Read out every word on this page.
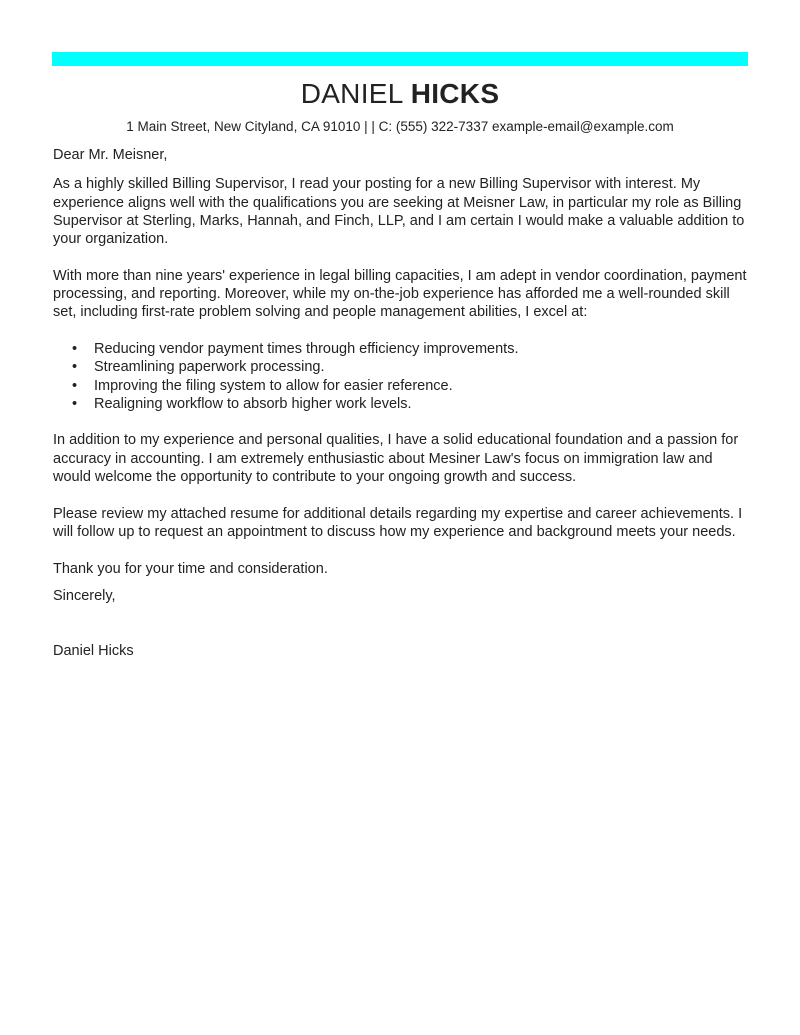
DANIEL HICKS
1 Main Street, New Cityland, CA 91010 | | C: (555) 322-7337 example-email@example.com

Dear Mr. Meisner,

As a highly skilled Billing Supervisor, I read your posting for a new Billing Supervisor with interest. My experience aligns well with the qualifications you are seeking at Meisner Law, in particular my role as Billing Supervisor at Sterling, Marks, Hannah, and Finch, LLP, and I am certain I would make a valuable addition to your organization.

With more than nine years' experience in legal billing capacities, I am adept in vendor coordination, payment processing, and reporting. Moreover, while my on-the-job experience has afforded me a well-rounded skill set, including first-rate problem solving and people management abilities, I excel at:

• Reducing vendor payment times through efficiency improvements.
• Streamlining paperwork processing.
• Improving the filing system to allow for easier reference.
• Realigning workflow to absorb higher work levels.

In addition to my experience and personal qualities, I have a solid educational foundation and a passion for accuracy in accounting. I am extremely enthusiastic about Mesiner Law's focus on immigration law and would welcome the opportunity to contribute to your ongoing growth and success.

Please review my attached resume for additional details regarding my expertise and career achievements. I will follow up to request an appointment to discuss how my experience and background meets your needs.

Thank you for your time and consideration.

Sincerely,

Daniel Hicks
